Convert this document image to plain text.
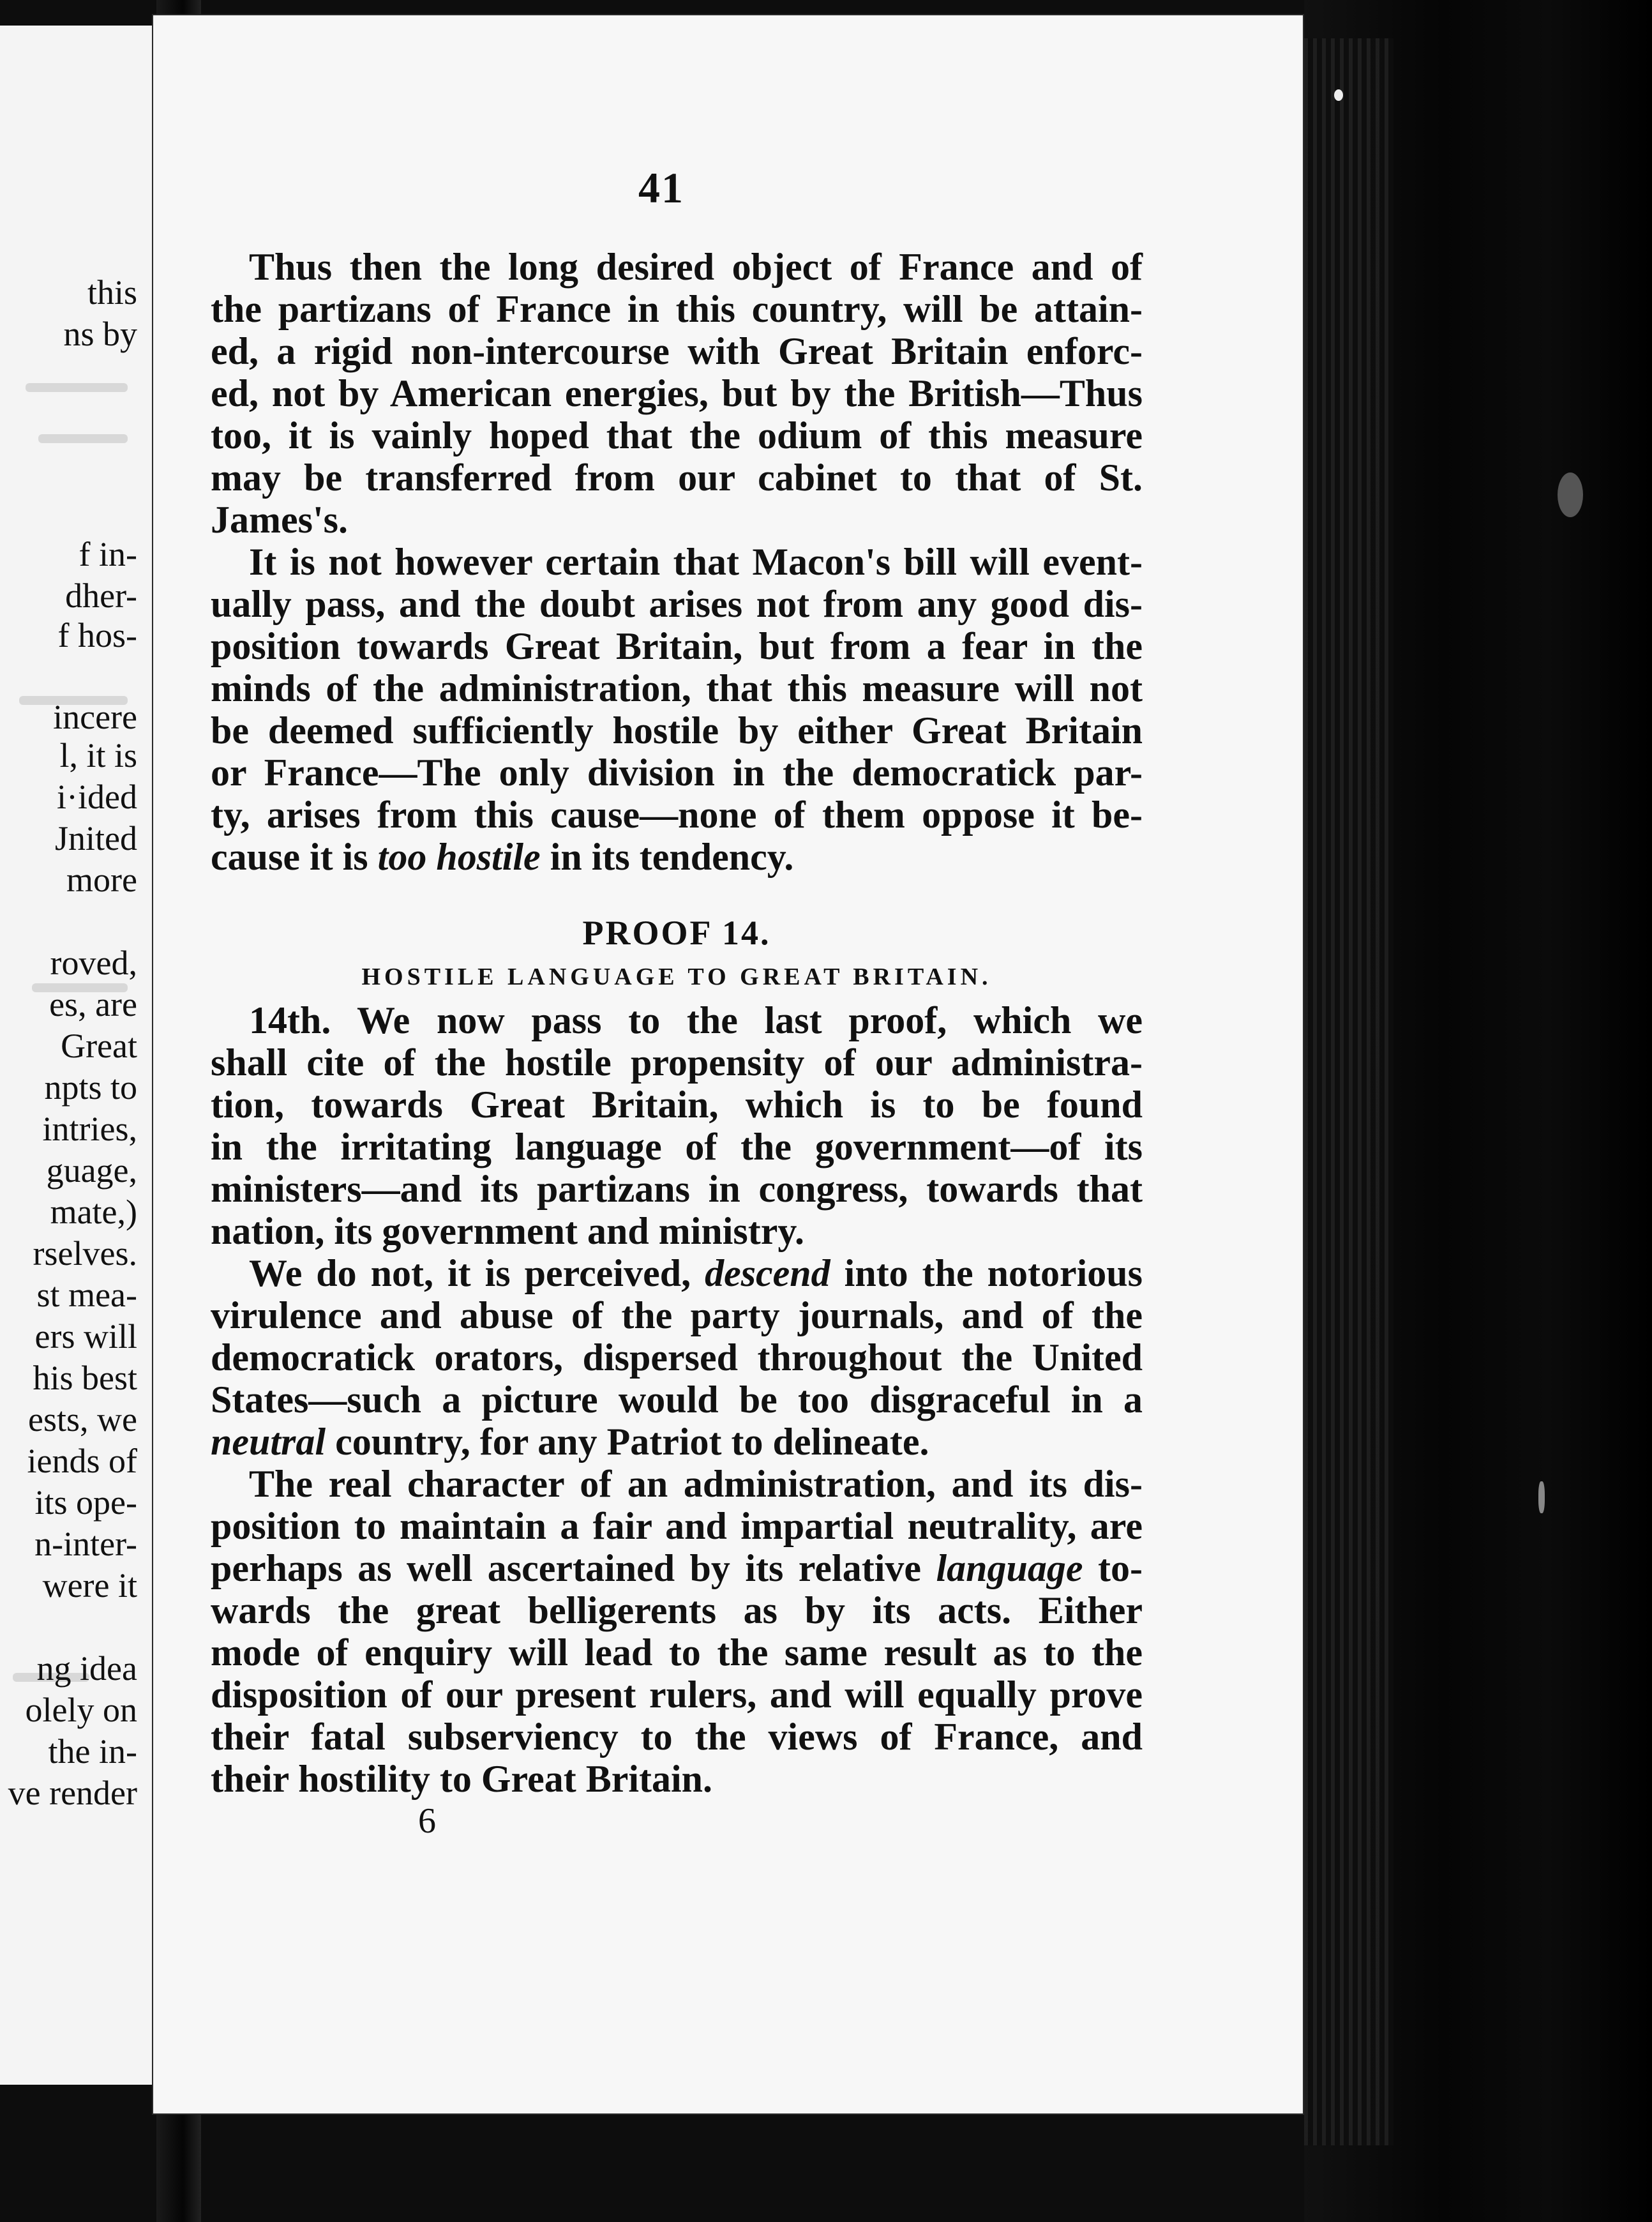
this
ns by
f in-
dher-
f hos-
incere
l, it is
i·ided
Jnited
more
roved,
es, are
Great
npts to
intries,
guage,
mate,)
rselves.
st mea-
ers will
his best
ests, we
iends of
its ope-
n-inter-
were it
ng idea
olely on
the in-
ve render
41
Thus then the long desired object of France and of
the partizans of France in this country, will be attain-
ed, a rigid non-intercourse with Great Britain enforc-
ed, not by American energies, but by the British—Thus
too, it is vainly hoped that the odium of this measure
may be transferred from our cabinet to that of St.
James's.
It is not however certain that Macon's bill will event-
ually pass, and the doubt arises not from any good dis-
position towards Great Britain, but from a fear in the
minds of the administration, that this measure will not
be deemed sufficiently hostile by either Great Britain
or France—The only division in the democratick par-
ty, arises from this cause—none of them oppose it be-
cause it is too hostile in its tendency.
14th. We now pass to the last proof, which we
shall cite of the hostile propensity of our administra-
tion, towards Great Britain, which is to be found
in the irritating language of the government—of its
ministers—and its partizans in congress, towards that
nation, its government and ministry.
We do not, it is perceived, descend into the notorious
virulence and abuse of the party journals, and of the
democratick orators, dispersed throughout the United
States—such a picture would be too disgraceful in a
neutral country, for any Patriot to delineate.
The real character of an administration, and its dis-
position to maintain a fair and impartial neutrality, are
perhaps as well ascertained by its relative language to-
wards the great belligerents as by its acts. Either
mode of enquiry will lead to the same result as to the
disposition of our present rulers, and will equally prove
their fatal subserviency to the views of France, and
their hostility to Great Britain.
PROOF 14.
HOSTILE LANGUAGE TO GREAT BRITAIN.
6
